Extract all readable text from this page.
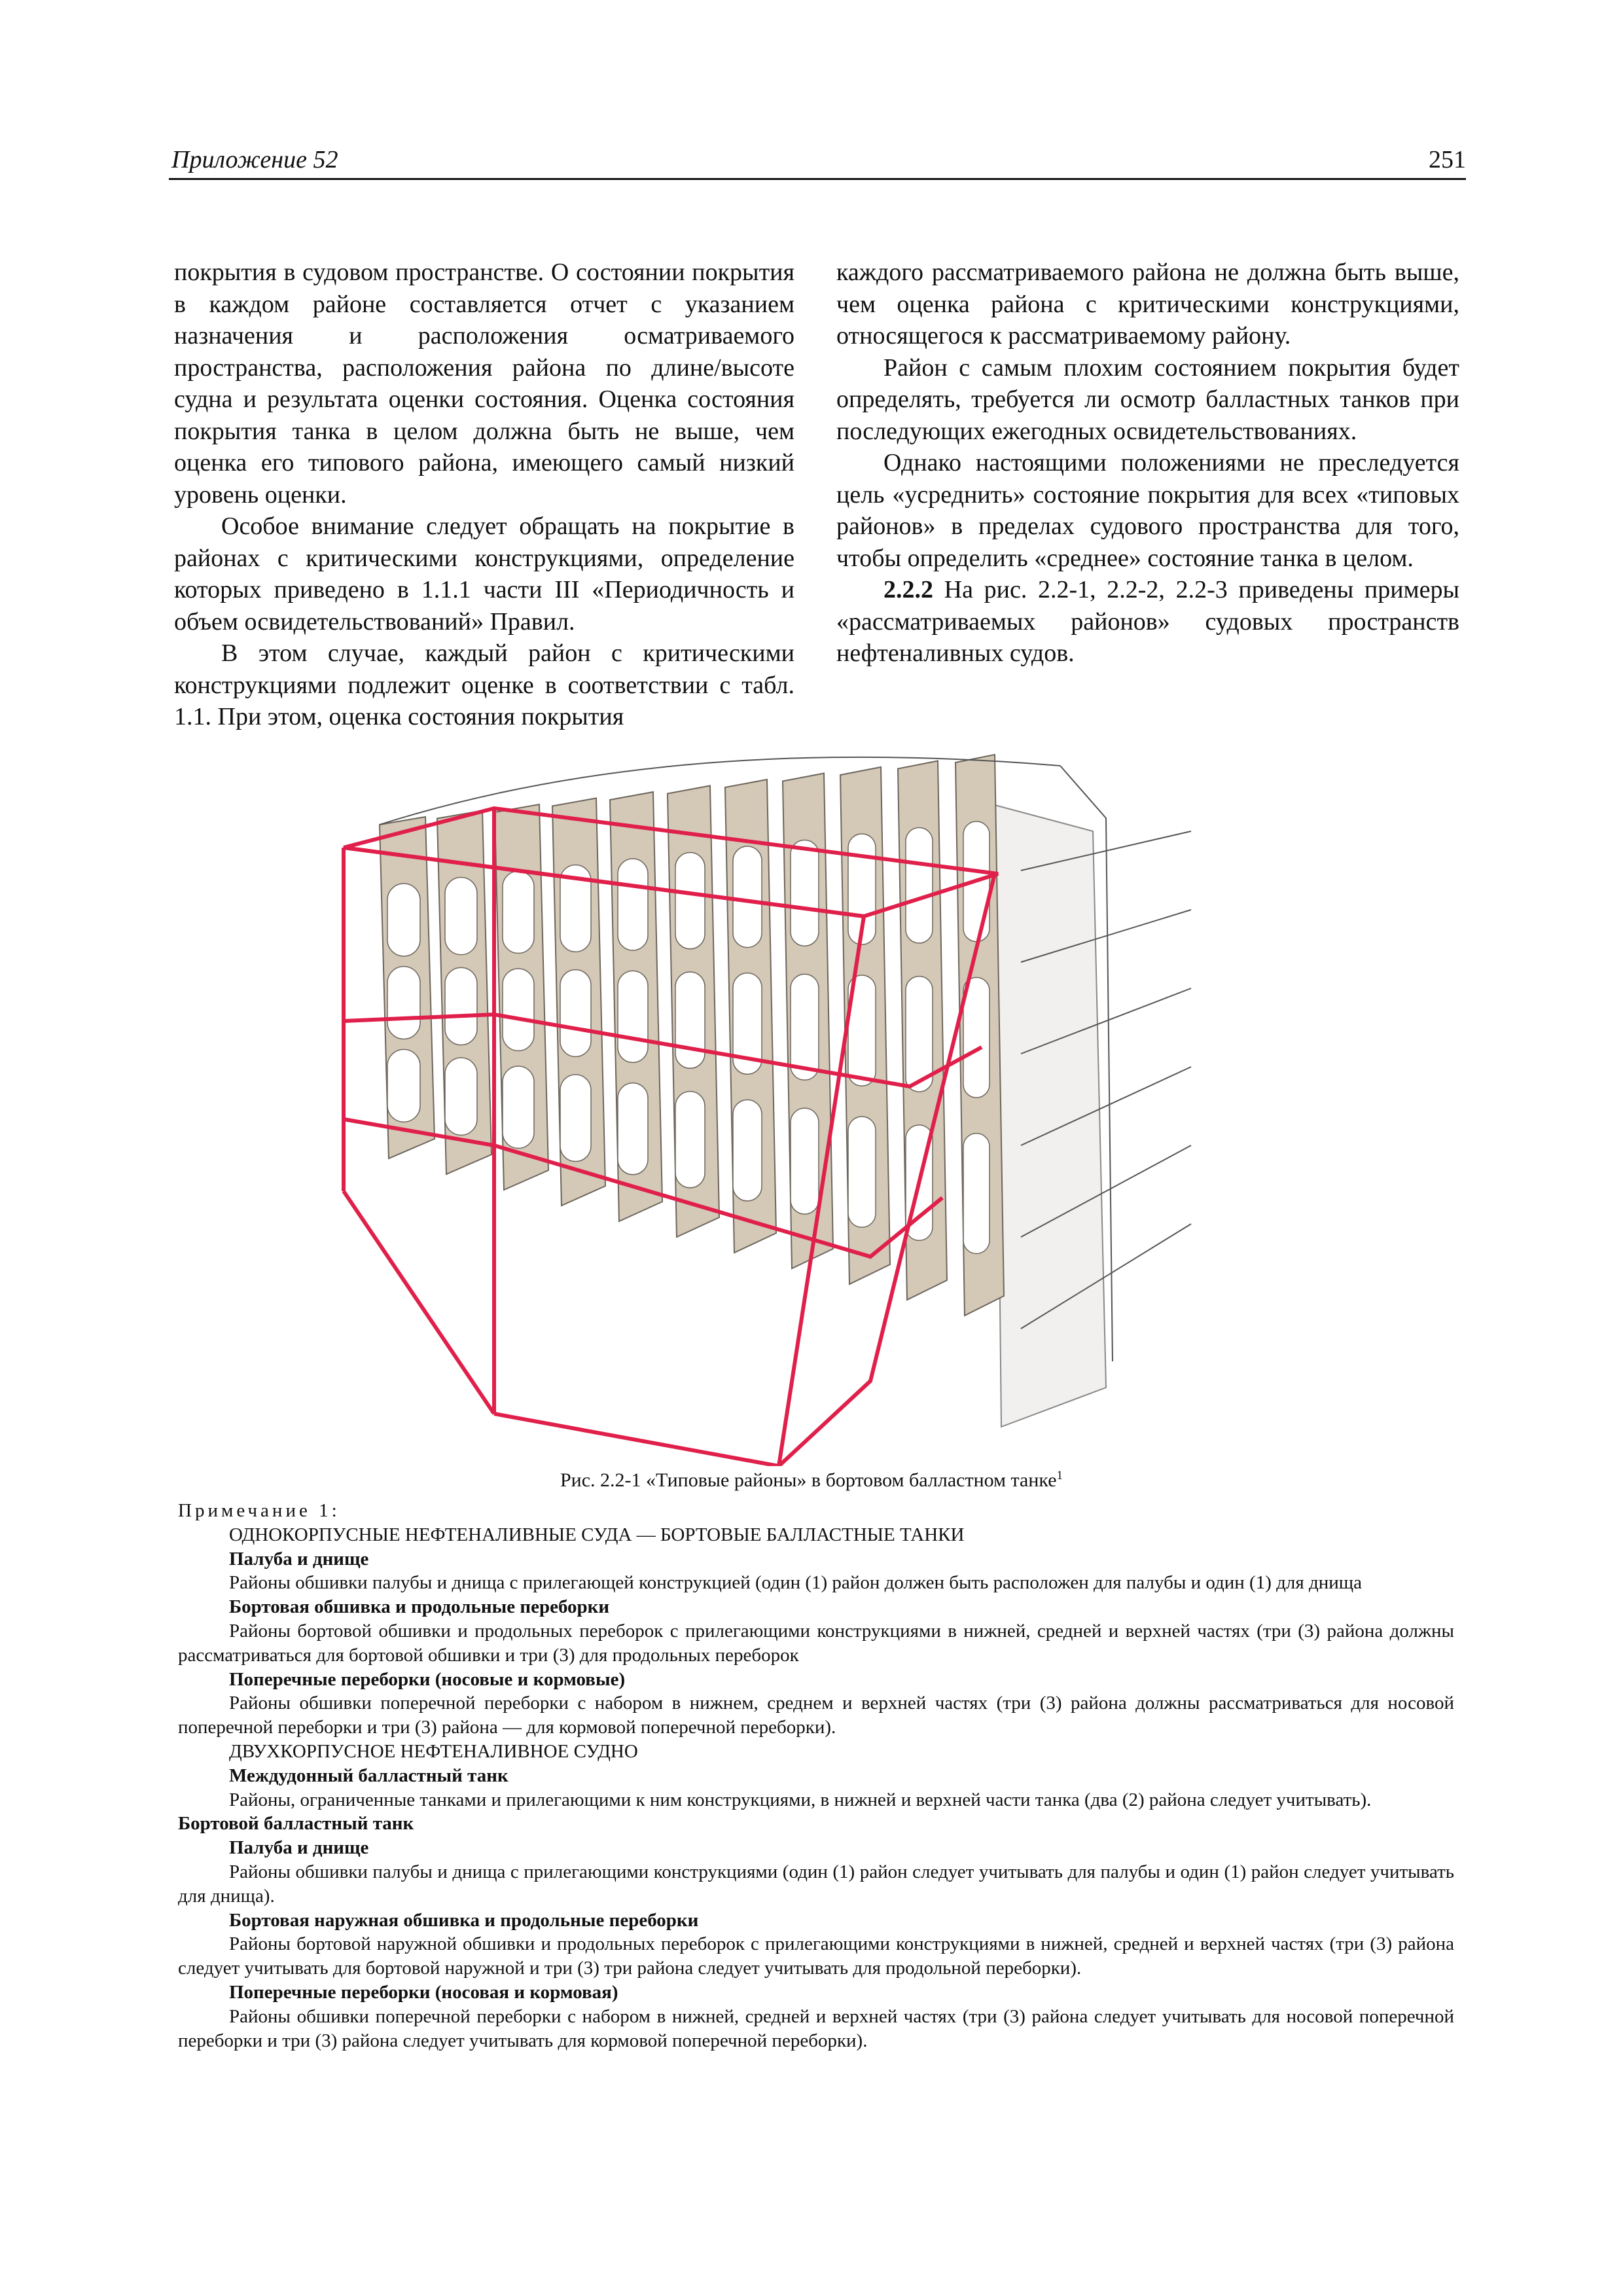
Приложение 52	251

покрытия в судовом пространстве. О состоянии покрытия в каждом районе составляется отчет с указанием назначения и расположения осматриваемого пространства, расположения района по длине/высоте судна и результата оценки состояния. Оценка состояния покрытия танка в целом должна быть не выше, чем оценка его типового района, имеющего самый низкий уровень оценки.

Особое внимание следует обращать на покрытие в районах с критическими конструкциями, определение которых приведено в 1.1.1 части III «Периодичность и объем освидетельствований» Правил.

В этом случае, каждый район с критическими конструкциями подлежит оценке в соответствии с табл. 1.1. При этом, оценка состояния покрытия

каждого рассматриваемого района не должна быть выше, чем оценка района с критическими конструкциями, относящегося к рассматриваемому району.

Район с самым плохим состоянием покрытия будет определять, требуется ли осмотр балластных танков при последующих ежегодных освидетельствованиях.

Однако настоящими положениями не преследуется цель «усреднить» состояние покрытия для всех «типовых районов» в пределах судового пространства для того, чтобы определить «среднее» состояние танка в целом.

2.2.2 На рис. 2.2-1, 2.2-2, 2.2-3 приведены примеры «рассматриваемых районов» судовых пространств нефтеналивных судов.

Рис. 2.2-1 «Типовые районы» в бортовом балластном танке$^1$
Примечание 1:
ОДНОКОРПУСНЫЕ НЕФТЕНАЛИВНЫЕ СУДА — БОРТОВЫЕ БАЛЛАСТНЫЕ ТАНКИ
Палуба и днище
Районы обшивки палубы и днища с прилегающей конструкцией (один (1) район должен быть расположен для палубы и один (1) для днища
Бортовая обшивка и продольные переборки
Районы бортовой обшивки и продольных переборок с прилегающими конструкциями в нижней, средней и верхней частях (три (3) района должны рассматриваться для бортовой обшивки и три (3) для продольных переборок
Поперечные переборки (носовые и кормовые)
Районы обшивки поперечной переборки с набором в нижнем, среднем и верхней частях (три (3) района должны рассматриваться для носовой поперечной переборки и три (3) района — для кормовой поперечной переборки).
ДВУХКОРПУСНОЕ НЕФТЕНАЛИВНОЕ СУДНО
Междудонный балластный танк
Районы, ограниченные танками и прилегающими к ним конструкциями, в нижней и верхней части танка (два (2) района следует учитывать).
Бортовой балластный танк
Палуба и днище
Районы обшивки палубы и днища с прилегающими конструкциями (один (1) район следует учитывать для палубы и один (1) район следует учитывать для днища).
Бортовая наружная обшивка и продольные переборки
Районы бортовой наружной обшивки и продольных переборок с прилегающими конструкциями в нижней, средней и верхней частях (три (3) района следует учитывать для бортовой наружной и три (3) три района следует учитывать для продольной переборки).
Поперечные переборки (носовая и кормовая)
Районы обшивки поперечной переборки с набором в нижней, средней и верхней частях (три (3) района следует учитывать для носовой поперечной переборки и три (3) района следует учитывать для кормовой поперечной переборки).
